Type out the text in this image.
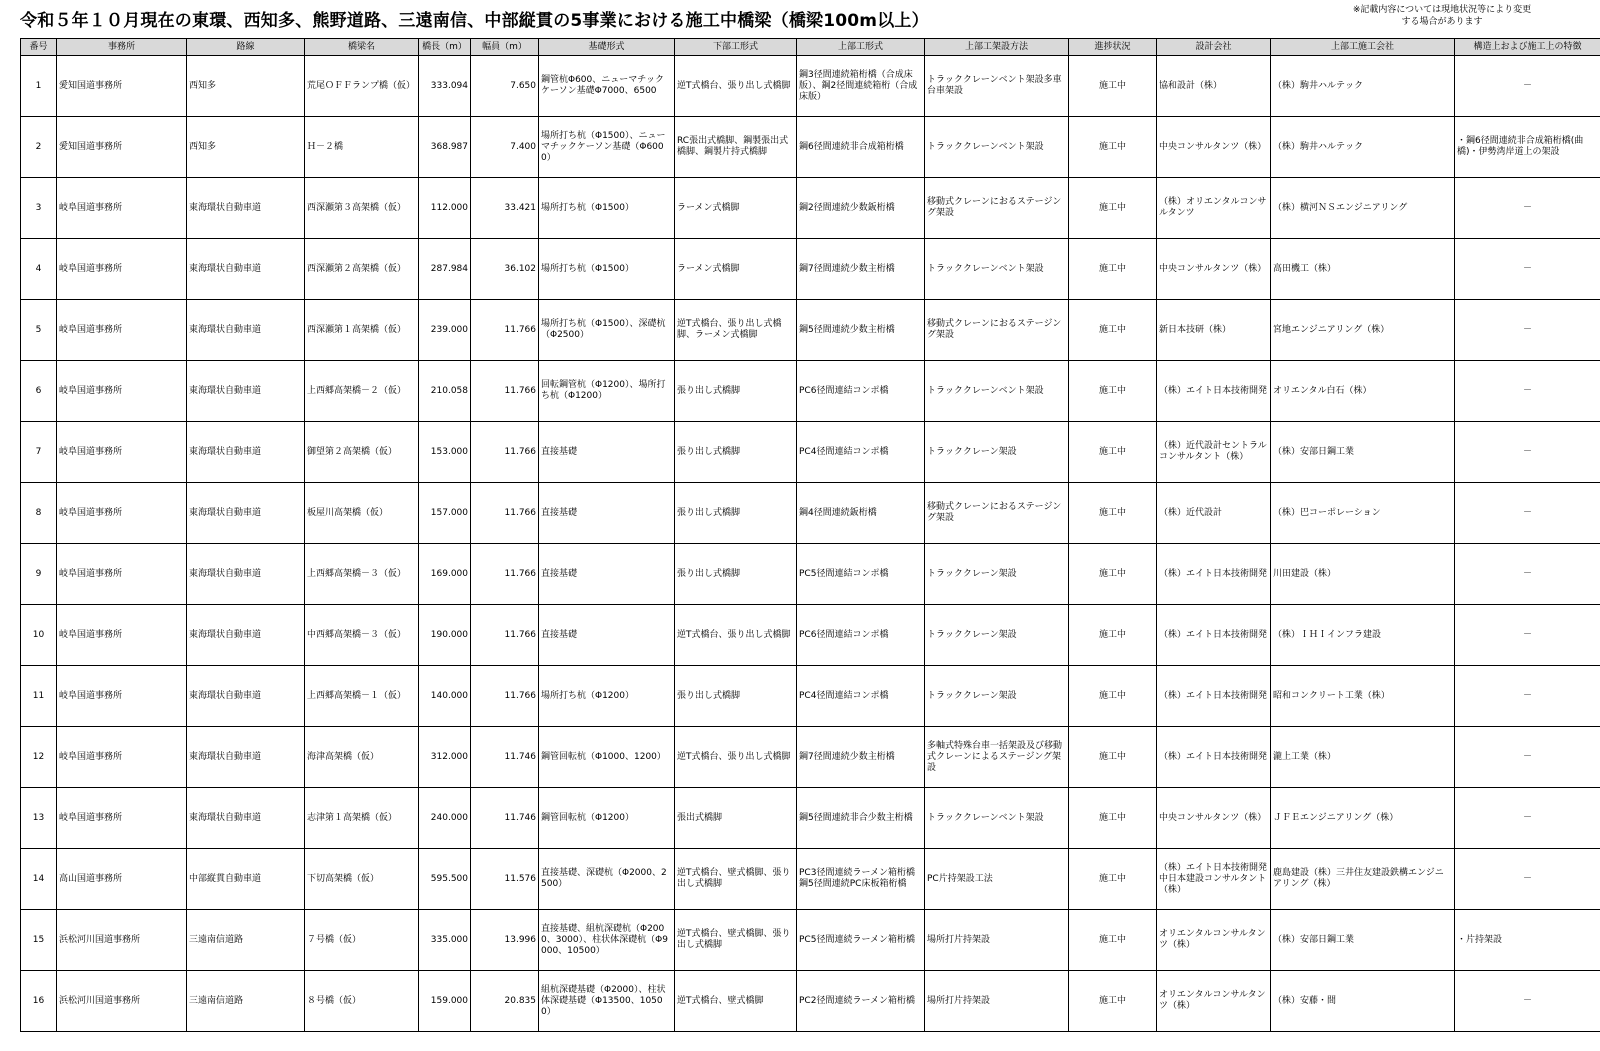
令和５年１０月現在の東環、西知多、熊野道路、三遠南信、中部縦貫の5事業における施工中橋梁（橋梁100m以上）
※記載内容については現地状況等により変更する場合があります
番号	事務所	路線	橋梁名	橋長（m）	幅員（m）	基礎形式	下部工形式	上部工形式	上部工架設方法	進捗状況	設計会社	上部工施工会社	構造上および施工上の特徴
1	愛知国道事務所	西知多	荒尾ＯＦＦランプ橋（仮）	333.094	7.650	鋼管杭Φ600、ニューマチックケーソン基礎Φ7000、6500	逆T式橋台、張り出し式橋脚	鋼3径間連続箱桁橋（合成床版）、鋼2径間連続箱桁（合成床版）	トラッククレーンベント架設多車台車架設	施工中	協和設計（株）	（株）駒井ハルテック	－
2	愛知国道事務所	西知多	Ｈ－２橋	368.987	7.400	場所打ち杭（Φ1500）、ニューマチックケーソン基礎（Φ6000）	RC張出式橋脚、鋼製張出式橋脚、鋼製片持式橋脚	鋼6径間連続非合成箱桁橋	トラッククレーンベント架設	施工中	中央コンサルタンツ（株）	（株）駒井ハルテック	・鋼6径間連続非合成箱桁橋(曲橋)・伊勢湾岸道上の架設
3	岐阜国道事務所	東海環状自動車道	西深瀬第３高架橋（仮）	112.000	33.421	場所打ち杭（Φ1500）	ラーメン式橋脚	鋼2径間連続少数鈑桁橋	移動式クレーンにおるステージング架設	施工中	（株）オリエンタルコンサルタンツ	（株）横河ＮＳエンジニアリング	－
4	岐阜国道事務所	東海環状自動車道	西深瀬第２高架橋（仮）	287.984	36.102	場所打ち杭（Φ1500）	ラーメン式橋脚	鋼7径間連続少数主桁橋	トラッククレーンベント架設	施工中	中央コンサルタンツ（株）	高田機工（株）	－
5	岐阜国道事務所	東海環状自動車道	西深瀬第１高架橋（仮）	239.000	11.766	場所打ち杭（Φ1500）、深礎杭（Φ2500）	逆T式橋台、張り出し式橋脚、ラーメン式橋脚	鋼5径間連続少数主桁橋	移動式クレーンにおるステージング架設	施工中	新日本技研（株）	宮地エンジニアリング（株）	－
6	岐阜国道事務所	東海環状自動車道	上西郷高架橋－２（仮）	210.058	11.766	回転鋼管杭（Φ1200）、場所打ち杭（Φ1200）	張り出し式橋脚	PC6径間連結コンポ橋	トラッククレーンベント架設	施工中	（株）エイト日本技術開発	オリエンタル白石（株）	－
7	岐阜国道事務所	東海環状自動車道	御望第２高架橋（仮）	153.000	11.766	直接基礎	張り出し式橋脚	PC4径間連結コンポ橋	トラッククレーン架設	施工中	（株）近代設計セントラルコンサルタント（株）	（株）安部日鋼工業	－
8	岐阜国道事務所	東海環状自動車道	板屋川高架橋（仮）	157.000	11.766	直接基礎	張り出し式橋脚	鋼4径間連続鈑桁橋	移動式クレーンにおるステージング架設	施工中	（株）近代設計	（株）巴コーポレーション	－
9	岐阜国道事務所	東海環状自動車道	上西郷高架橋－３（仮）	169.000	11.766	直接基礎	張り出し式橋脚	PC5径間連結コンポ橋	トラッククレーン架設	施工中	（株）エイト日本技術開発	川田建設（株）	－
10	岐阜国道事務所	東海環状自動車道	中西郷高架橋－３（仮）	190.000	11.766	直接基礎	逆T式橋台、張り出し式橋脚	PC6径間連結コンポ橋	トラッククレーン架設	施工中	（株）エイト日本技術開発	（株）ＩＨＩインフラ建設	－
11	岐阜国道事務所	東海環状自動車道	上西郷高架橋－１（仮）	140.000	11.766	場所打ち杭（Φ1200）	張り出し式橋脚	PC4径間連結コンポ橋	トラッククレーン架設	施工中	（株）エイト日本技術開発	昭和コンクリート工業（株）	－
12	岐阜国道事務所	東海環状自動車道	海津高架橋（仮）	312.000	11.746	鋼管回転杭（Φ1000、1200）	逆T式橋台、張り出し式橋脚	鋼7径間連続少数主桁橋	多軸式特殊台車一括架設及び移動式クレーンによるステージング架設	施工中	（株）エイト日本技術開発	瀧上工業（株）	－
13	岐阜国道事務所	東海環状自動車道	志津第１高架橋（仮）	240.000	11.746	鋼管回転杭（Φ1200）	張出式橋脚	鋼5径間連続非合少数主桁橋	トラッククレーンベント架設	施工中	中央コンサルタンツ（株）	ＪＦＥエンジニアリング（株）	－
14	高山国道事務所	中部縦貫自動車道	下切高架橋（仮）	595.500	11.576	直接基礎、深礎杭（Φ2000、2500）	逆T式橋台、壁式橋脚、張り出し式橋脚	PC3径間連続ラーメン箱桁橋鋼5径間連続PC床板箱桁橋	PC片持架設工法	施工中	（株）エイト日本技術開発中日本建設コンサルタント（株）	鹿島建設（株）三井住友建設鉄構エンジニアリング（株）	－
15	浜松河川国道事務所	三遠南信道路	７号橋（仮）	335.000	13.996	直接基礎、組杭深礎杭（Φ2000、3000）、柱状体深礎杭（Φ9000、10500）	逆T式橋台、壁式橋脚、張り出し式橋脚	PC5径間連続ラーメン箱桁橋	場所打片持架設	施工中	オリエンタルコンサルタンツ（株）	（株）安部日鋼工業	・片持架設
16	浜松河川国道事務所	三遠南信道路	８号橋（仮）	159.000	20.835	組杭深礎基礎（Φ2000）、柱状体深礎基礎（Φ13500、10500）	逆T式橋台、壁式橋脚	PC2径間連続ラーメン箱桁橋	場所打片持架設	施工中	オリエンタルコンサルタンツ（株）	（株）安藤・間	－
